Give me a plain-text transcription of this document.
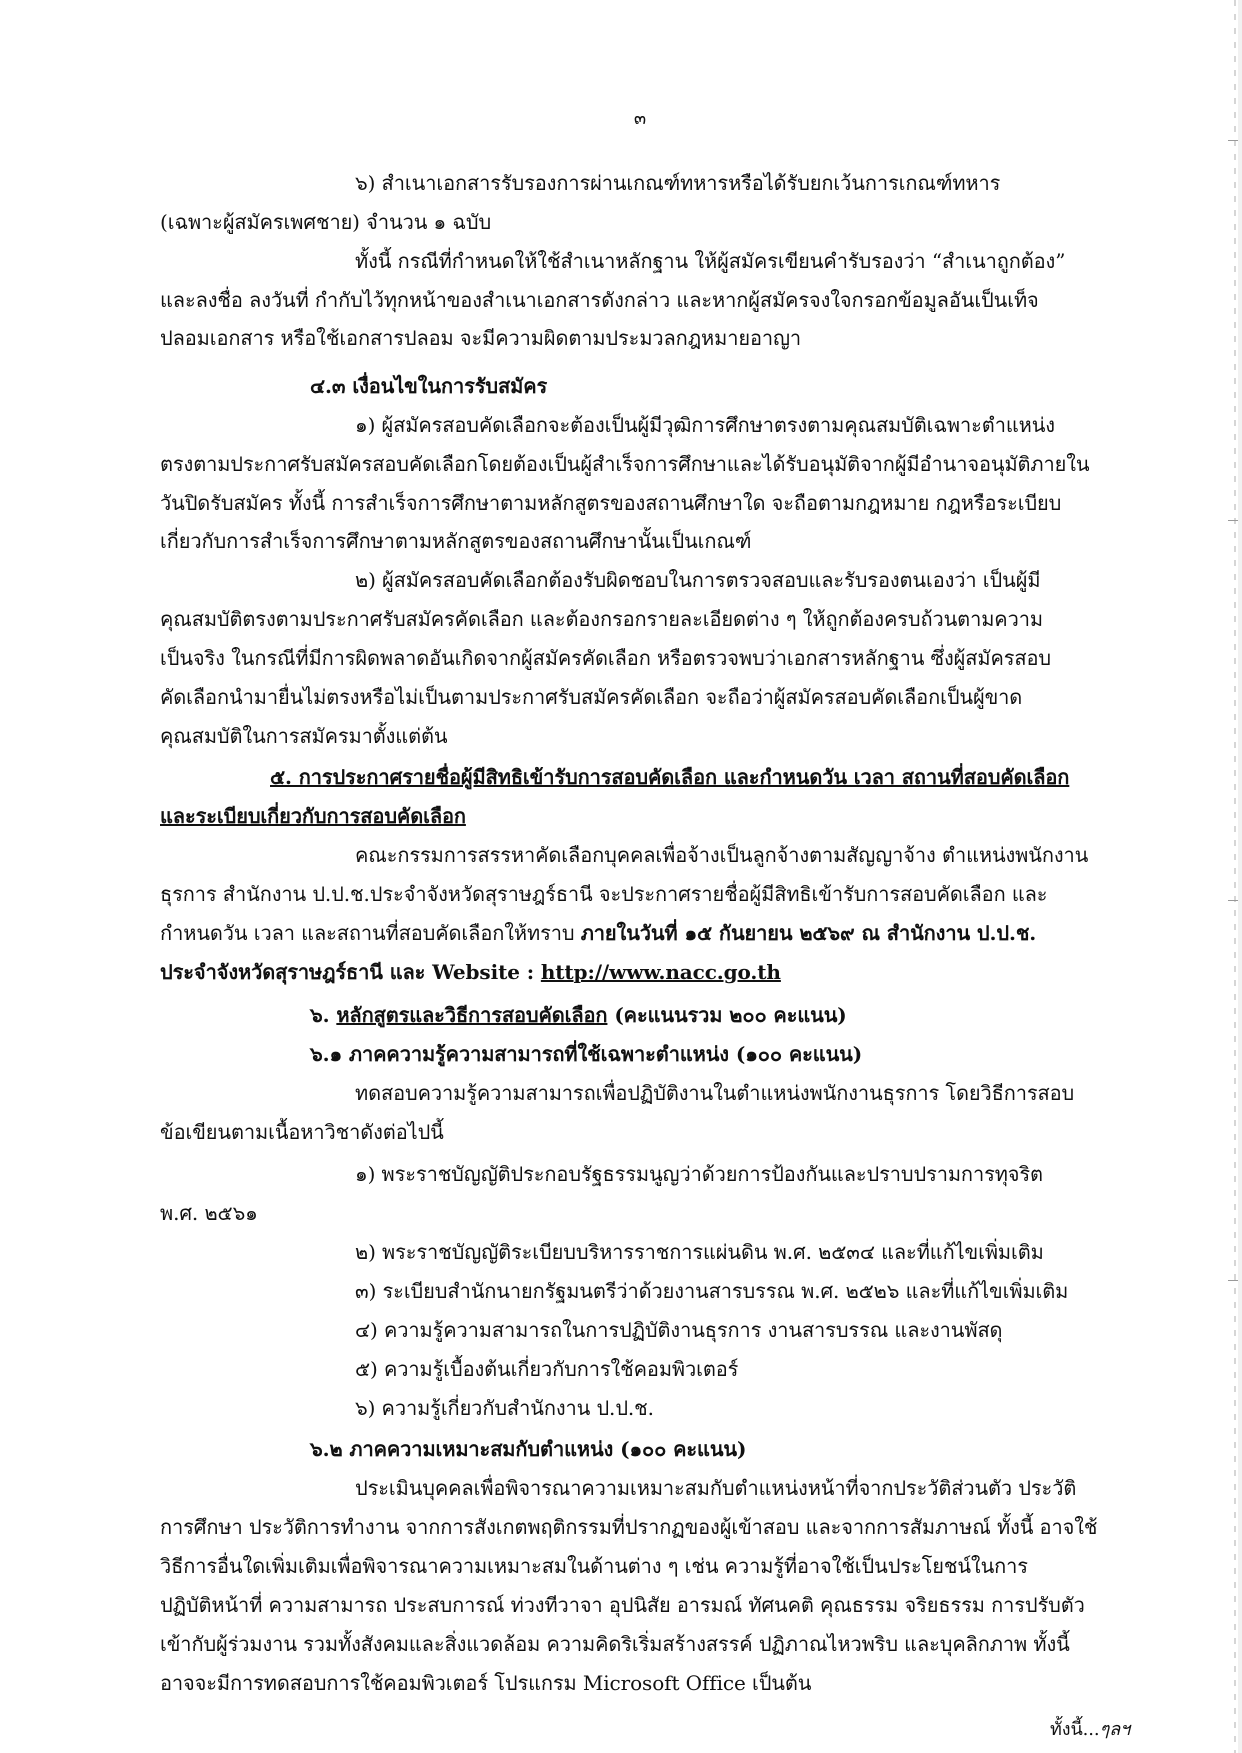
๓
๖) สำเนาเอกสารรับรองการผ่านเกณฑ์ทหารหรือได้รับยกเว้นการเกณฑ์ทหาร
(เฉพาะผู้สมัครเพศชาย) จำนวน ๑ ฉบับ
ทั้งนี้ กรณีที่กำหนดให้ใช้สำเนาหลักฐาน ให้ผู้สมัครเขียนคำรับรองว่า “สำเนาถูกต้อง”
และลงชื่อ ลงวันที่ กำกับไว้ทุกหน้าของสำเนาเอกสารดังกล่าว และหากผู้สมัครจงใจกรอกข้อมูลอันเป็นเท็จ
ปลอมเอกสาร หรือใช้เอกสารปลอม จะมีความผิดตามประมวลกฎหมายอาญา
๔.๓ เงื่อนไขในการรับสมัคร
๑) ผู้สมัครสอบคัดเลือกจะต้องเป็นผู้มีวุฒิการศึกษาตรงตามคุณสมบัติเฉพาะตำแหน่ง
ตรงตามประกาศรับสมัครสอบคัดเลือกโดยต้องเป็นผู้สำเร็จการศึกษาและได้รับอนุมัติจากผู้มีอำนาจอนุมัติภายใน
วันปิดรับสมัคร ทั้งนี้ การสำเร็จการศึกษาตามหลักสูตรของสถานศึกษาใด จะถือตามกฎหมาย กฎหรือระเบียบ
เกี่ยวกับการสำเร็จการศึกษาตามหลักสูตรของสถานศึกษานั้นเป็นเกณฑ์
๒) ผู้สมัครสอบคัดเลือกต้องรับผิดชอบในการตรวจสอบและรับรองตนเองว่า เป็นผู้มี
คุณสมบัติตรงตามประกาศรับสมัครคัดเลือก และต้องกรอกรายละเอียดต่าง ๆ ให้ถูกต้องครบถ้วนตามความ
เป็นจริง ในกรณีที่มีการผิดพลาดอันเกิดจากผู้สมัครคัดเลือก หรือตรวจพบว่าเอกสารหลักฐาน ซึ่งผู้สมัครสอบ
คัดเลือกนำมายื่นไม่ตรงหรือไม่เป็นตามประกาศรับสมัครคัดเลือก จะถือว่าผู้สมัครสอบคัดเลือกเป็นผู้ขาด
คุณสมบัติในการสมัครมาตั้งแต่ต้น
๕. การประกาศรายชื่อผู้มีสิทธิเข้ารับการสอบคัดเลือก และกำหนดวัน เวลา สถานที่สอบคัดเลือก
และระเบียบเกี่ยวกับการสอบคัดเลือก
คณะกรรมการสรรหาคัดเลือกบุคคลเพื่อจ้างเป็นลูกจ้างตามสัญญาจ้าง ตำแหน่งพนักงาน
ธุรการ สำนักงาน ป.ป.ช.ประจำจังหวัดสุราษฎร์ธานี จะประกาศรายชื่อผู้มีสิทธิเข้ารับการสอบคัดเลือก และ
กำหนดวัน เวลา และสถานที่สอบคัดเลือกให้ทราบ ภายในวันที่ ๑๕ กันยายน ๒๕๖๙ ณ สำนักงาน ป.ป.ช.
ประจำจังหวัดสุราษฎร์ธานี และ Website : http://www.nacc.go.th
๖. หลักสูตรและวิธีการสอบคัดเลือก (คะแนนรวม ๒๐๐ คะแนน)
๖.๑ ภาคความรู้ความสามารถที่ใช้เฉพาะตำแหน่ง (๑๐๐ คะแนน)
ทดสอบความรู้ความสามารถเพื่อปฏิบัติงานในตำแหน่งพนักงานธุรการ โดยวิธีการสอบ
ข้อเขียนตามเนื้อหาวิชาดังต่อไปนี้
๑) พระราชบัญญัติประกอบรัฐธรรมนูญว่าด้วยการป้องกันและปราบปรามการทุจริต
พ.ศ. ๒๕๖๑
๒) พระราชบัญญัติระเบียบบริหารราชการแผ่นดิน พ.ศ. ๒๕๓๔ และที่แก้ไขเพิ่มเติม
๓) ระเบียบสำนักนายกรัฐมนตรีว่าด้วยงานสารบรรณ พ.ศ. ๒๕๒๖ และที่แก้ไขเพิ่มเติม
๔) ความรู้ความสามารถในการปฏิบัติงานธุรการ งานสารบรรณ และงานพัสดุ
๕) ความรู้เบื้องต้นเกี่ยวกับการใช้คอมพิวเตอร์
๖) ความรู้เกี่ยวกับสำนักงาน ป.ป.ช.
๖.๒ ภาคความเหมาะสมกับตำแหน่ง (๑๐๐ คะแนน)
ประเมินบุคคลเพื่อพิจารณาความเหมาะสมกับตำแหน่งหน้าที่จากประวัติส่วนตัว ประวัติ
การศึกษา ประวัติการทำงาน จากการสังเกตพฤติกรรมที่ปรากฏของผู้เข้าสอบ และจากการสัมภาษณ์ ทั้งนี้ อาจใช้
วิธีการอื่นใดเพิ่มเติมเพื่อพิจารณาความเหมาะสมในด้านต่าง ๆ เช่น ความรู้ที่อาจใช้เป็นประโยชน์ในการ
ปฏิบัติหน้าที่ ความสามารถ ประสบการณ์ ท่วงทีวาจา อุปนิสัย อารมณ์ ทัศนคติ คุณธรรม จริยธรรม การปรับตัว
เข้ากับผู้ร่วมงาน รวมทั้งสังคมและสิ่งแวดล้อม ความคิดริเริ่มสร้างสรรค์ ปฏิภาณไหวพริบ และบุคลิกภาพ ทั้งนี้
อาจจะมีการทดสอบการใช้คอมพิวเตอร์ โปรแกรม Microsoft Office เป็นต้น
ทั้งนี้...ๆลฯ
